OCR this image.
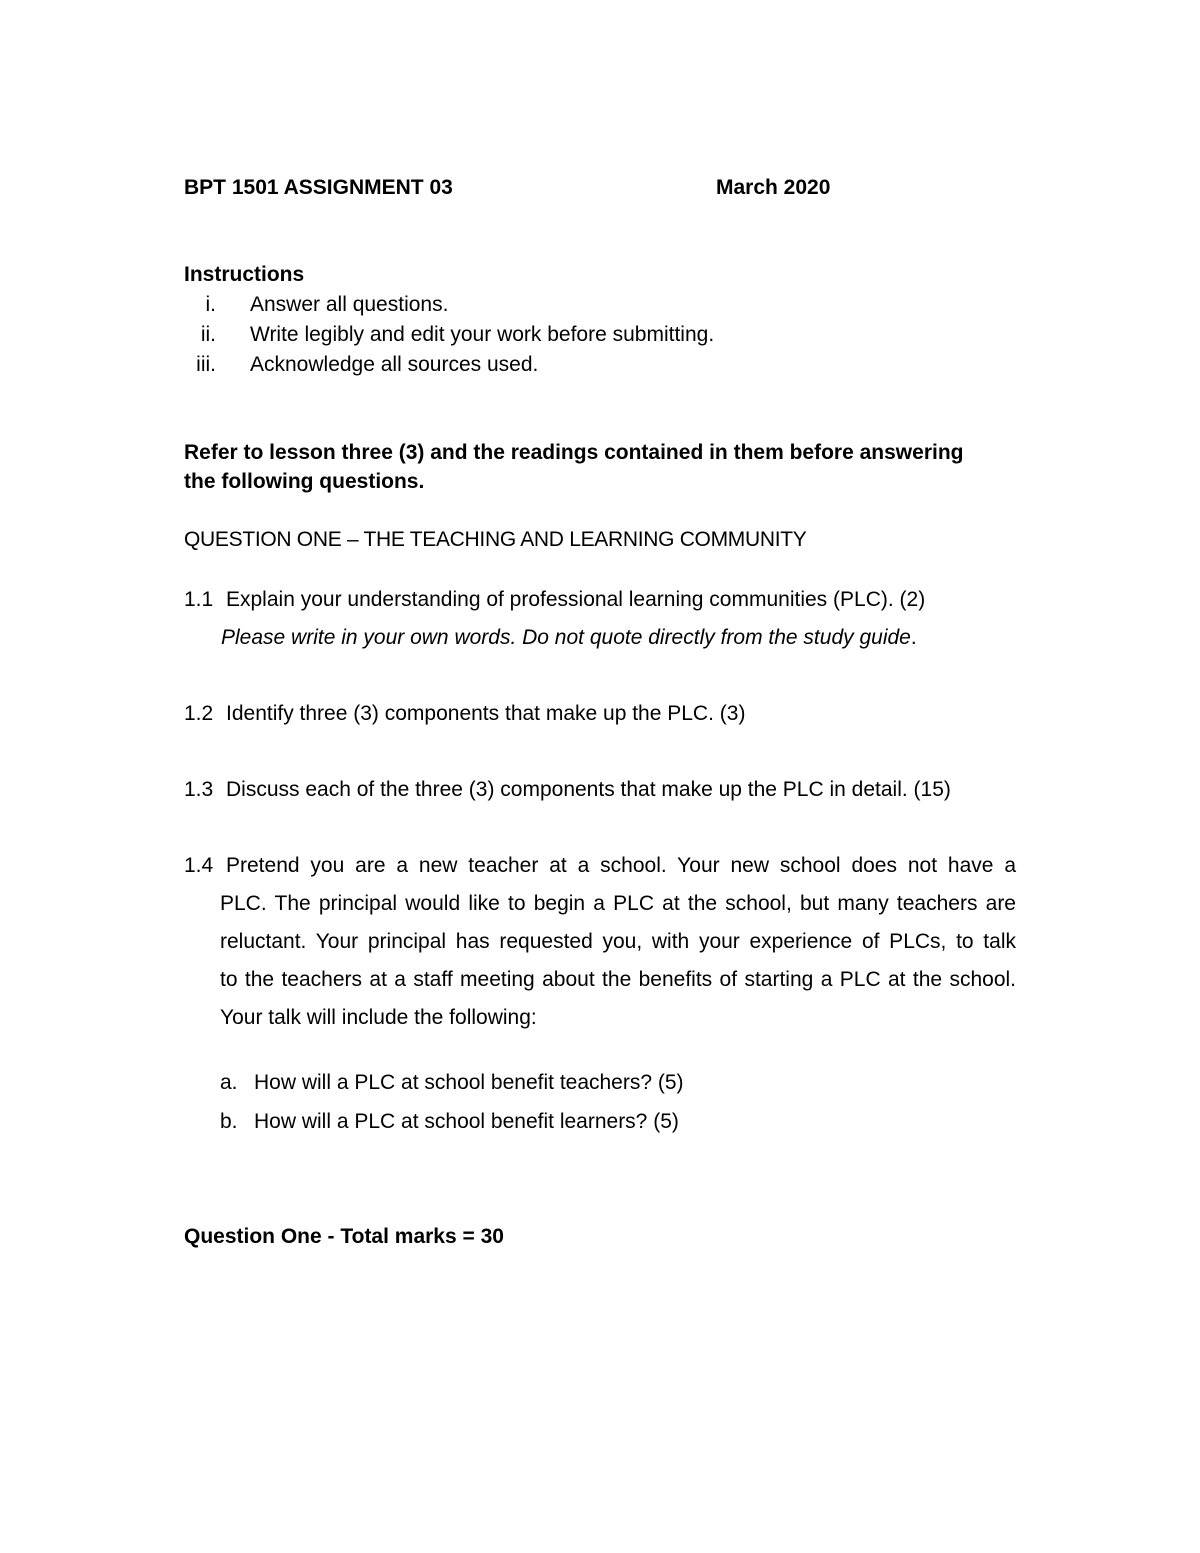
BPT 1501 ASSIGNMENT 03	March 2020
Instructions
i. Answer all questions.
ii. Write legibly and edit your work before submitting.
iii. Acknowledge all sources used.
Refer to lesson three (3) and the readings contained in them before answering
the following questions.
QUESTION ONE – THE TEACHING AND LEARNING COMMUNITY
1.1 Explain your understanding of professional learning communities (PLC). (2)
Please write in your own words. Do not quote directly from the study guide.
1.2 Identify three (3) components that make up the PLC. (3)
1.3 Discuss each of the three (3) components that make up the PLC in detail. (15)
1.4 Pretend you are a new teacher at a school. Your new school does not have a
PLC. The principal would like to begin a PLC at the school, but many teachers are
reluctant. Your principal has requested you, with your experience of PLCs, to talk
to the teachers at a staff meeting about the benefits of starting a PLC at the school.
Your talk will include the following:
a. How will a PLC at school benefit teachers? (5)
b. How will a PLC at school benefit learners? (5)
Question One - Total marks = 30
